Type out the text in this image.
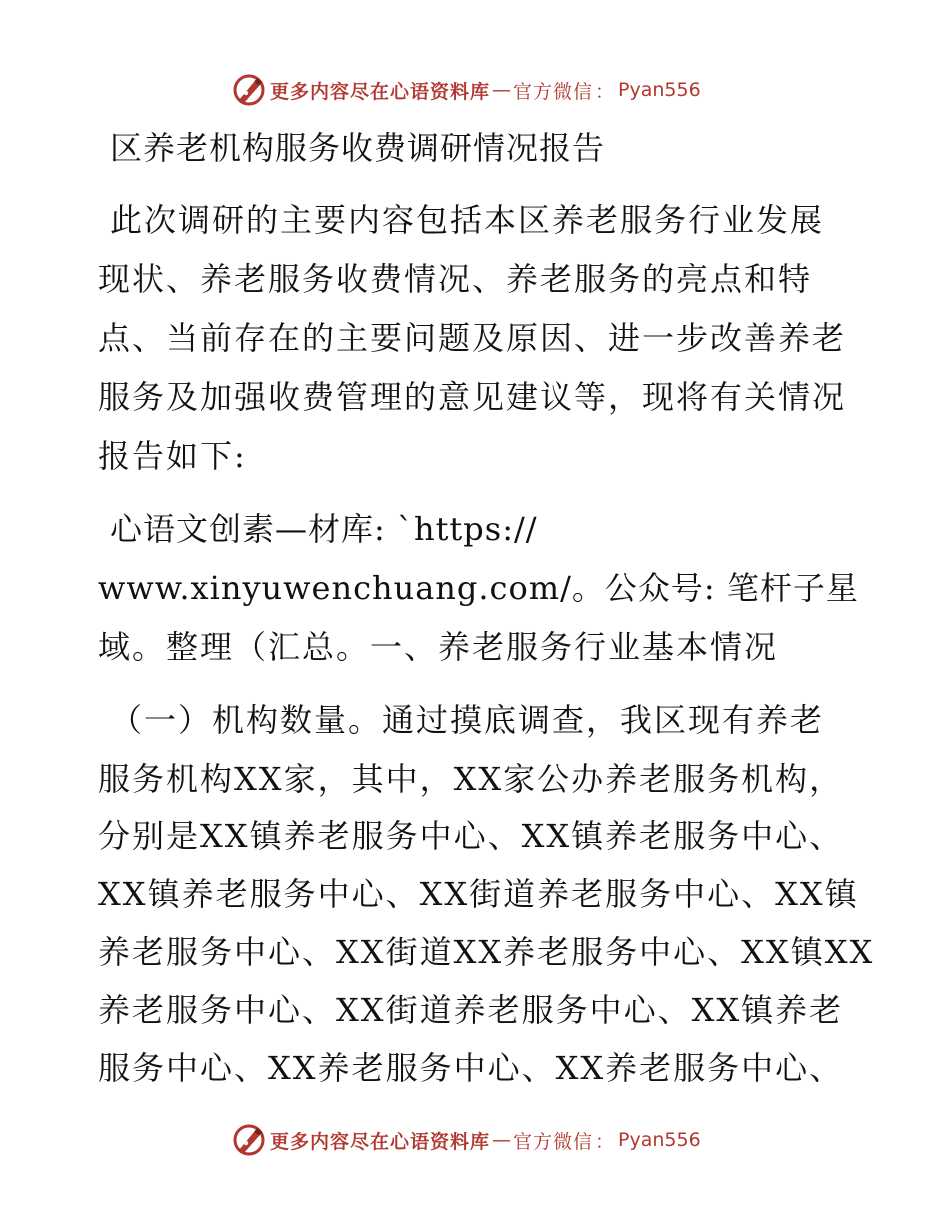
更多内容尽在心语资料库 — 官方微信 ： Pyan556
区养老机构服务收费调研情况报告
此次调研的主要内容包括本区养老服务行业发展
现状、养老服务收费情况、养老服务的亮点和特
点、当前存在的主要问题及原因、进一步改善养老
服务及加强收费管理的意见建议等，现将有关情况
报告如下:
心语文创素—材库: `https://
www.xinyuwenchuang.com/。公众号: 笔杆子星
域。整理（汇总。一、养老服务行业基本情况
（一）机构数量。通过摸底调查，我区现有养老
服务机构XX家，其中，XX家公办养老服务机构，
分别是XX镇养老服务中心、XX镇养老服务中心、
XX镇养老服务中心、XX街道养老服务中心、XX镇
养老服务中心、XX街道XX养老服务中心、XX镇XX
养老服务中心、XX街道养老服务中心、XX镇养老
服务中心、XX养老服务中心、XX养老服务中心、
更多内容尽在心语资料库 — 官方微信 ： Pyan556
